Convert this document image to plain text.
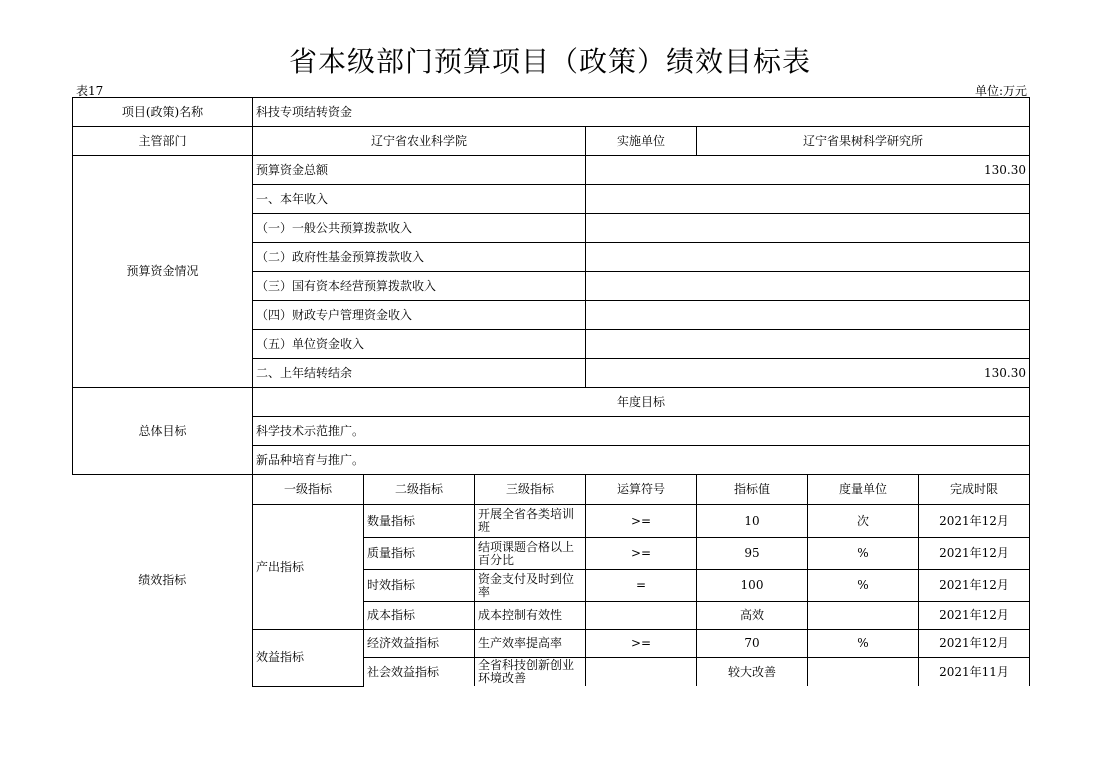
省本级部门预算项目（政策）绩效目标表
表17	单位:万元
项目(政策)名称	科技专项结转资金						
主管部门	辽宁省农业科学院			实施单位	辽宁省果树科学研究所		
预算资金情况	预算资金总额			130.30			
	一、本年收入						
	（一）一般公共预算拨款收入						
	（二）政府性基金预算拨款收入						
	（三）国有资本经营预算拨款收入						
	（四）财政专户管理资金收入						
	（五）单位资金收入						
	二、上年结转结余			130.30			
总体目标	年度目标						
	科学技术示范推广。						
	新品种培育与推广。						
绩效指标	一级指标	二级指标	三级指标	运算符号	指标值	度量单位	完成时限
	产出指标	数量指标	开展全省各类培训班	>=	10	次	2021年12月
		质量指标	结项课题合格以上百分比	>=	95	%	2021年12月
		时效指标	资金支付及时到位率	=	100	%	2021年12月
		成本指标	成本控制有效性		高效		2021年12月
	效益指标	经济效益指标	生产效率提高率	>=	70	%	2021年12月
		社会效益指标	全省科技创新创业环境改善		较大改善		2021年11月
